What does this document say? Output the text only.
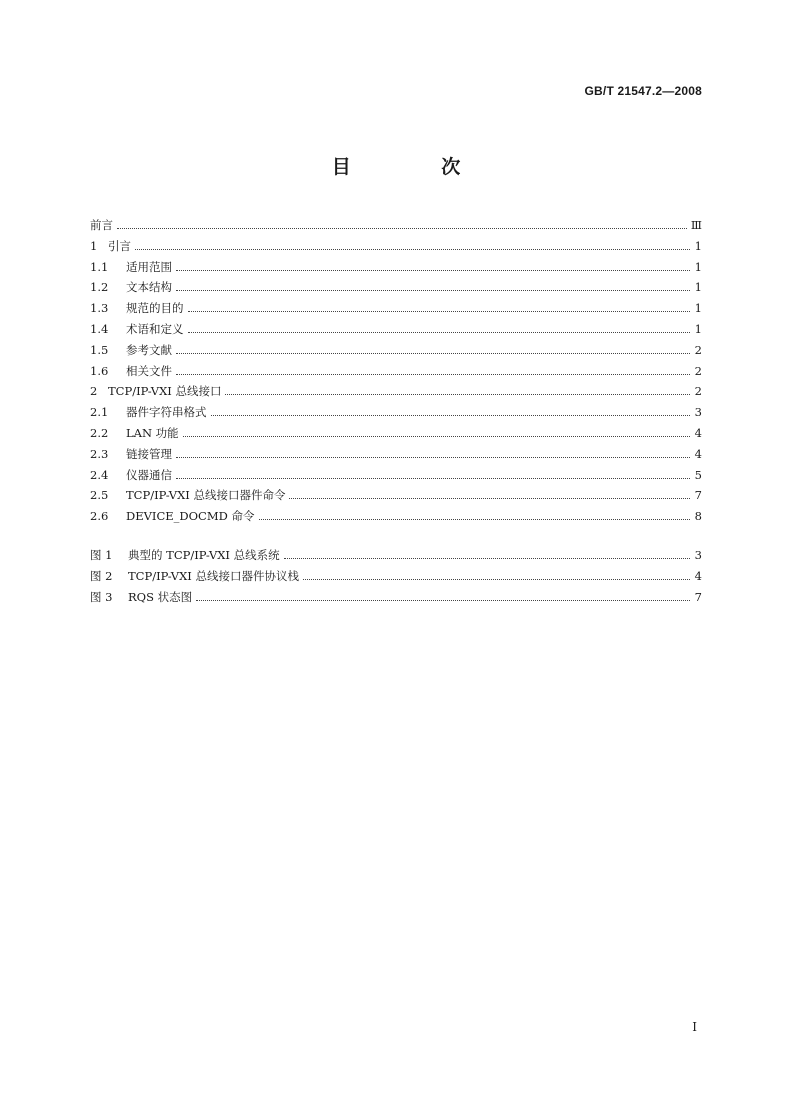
GB/T 21547.2—2008
目 次
前言	Ⅲ
1 引言	1
1.1	适用范围	1
1.2	文本结构	1
1.3	规范的目的	1
1.4	术语和定义	1
1.5	参考文献	2
1.6	相关文件	2
2 TCP/IP-VXI 总线接口	2
2.1	器件字符串格式	3
2.2	LAN 功能	4
2.3	链接管理	4
2.4	仪器通信	5
2.5	TCP/IP-VXI 总线接口器件命令	7
2.6	DEVICE_DOCMD 命令	8
图 1	典型的 TCP/IP-VXI 总线系统	3
图 2	TCP/IP-VXI 总线接口器件协议栈	4
图 3	RQS 状态图	7
I
